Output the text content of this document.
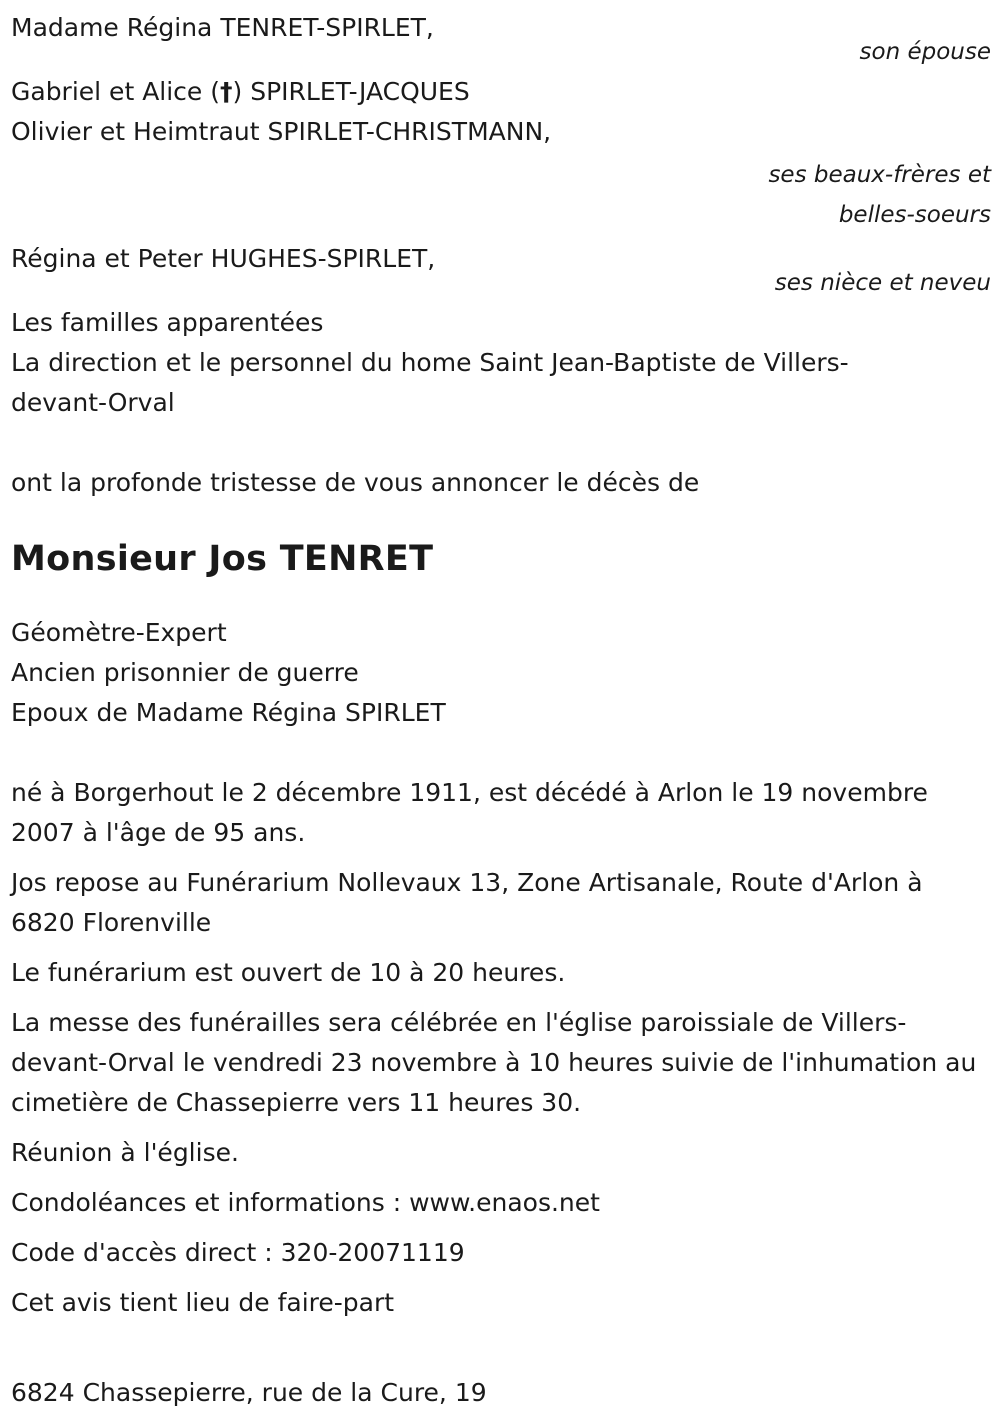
Madame Régina TENRET-SPIRLET,
son épouse
Gabriel et Alice (†) SPIRLET-JACQUES
Olivier et Heimtraut SPIRLET-CHRISTMANN,
ses beaux-frères et
belles-soeurs
Régina et Peter HUGHES-SPIRLET,
ses nièce et neveu
Les familles apparentées
La direction et le personnel du home Saint Jean-Baptiste de Villers-devant-Orval
ont la profonde tristesse de vous annoncer le décès de
Monsieur Jos TENRET
Géomètre-Expert
Ancien prisonnier de guerre
Epoux de Madame Régina SPIRLET
né à Borgerhout le 2 décembre 1911, est décédé à Arlon le 19 novembre 2007 à l'âge de 95 ans.
Jos repose au Funérarium Nollevaux 13, Zone Artisanale, Route d'Arlon à 6820 Florenville
Le funérarium est ouvert de 10 à 20 heures.
La messe des funérailles sera célébrée en l'église paroissiale de Villers-devant-Orval le vendredi 23 novembre à 10 heures suivie de l'inhumation au cimetière de Chassepierre vers 11 heures 30.
Réunion à l'église.
Condoléances et informations : www.enaos.net
Code d'accès direct : 320-20071119
Cet avis tient lieu de faire-part
6824 Chassepierre, rue de la Cure, 19
